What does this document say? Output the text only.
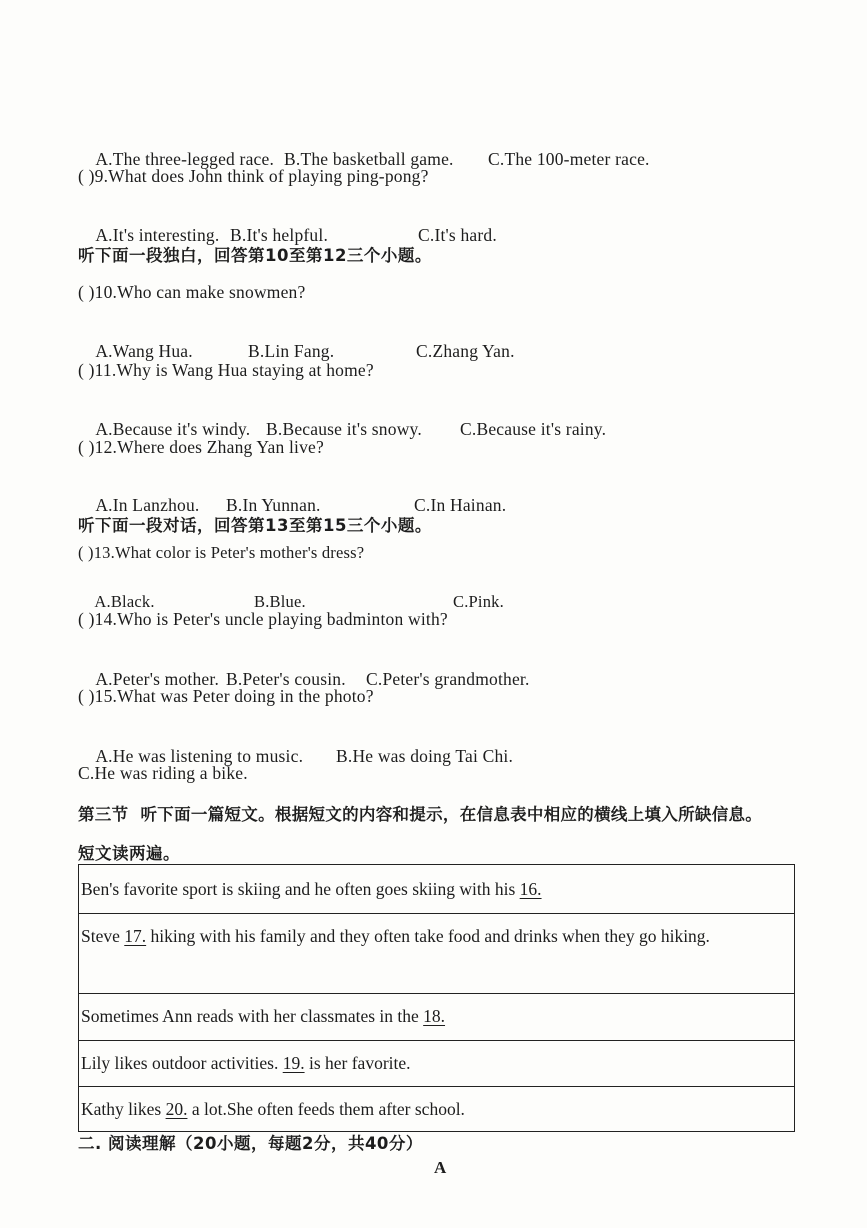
A.The three-legged race. B.The basketball game. C.The 100-meter race.

( )9.What does John think of playing ping-pong?

A.It's interesting. B.It's helpful.	C.It's hard.

听下面一段独白，回答第10至第12三个小题。
( )10.Who can make snowmen?

A.Wang Hua.	B.Lin Fang.	C.Zhang Yan.

( )11.Why is Wang Hua staying at home?

A.Because it's windy. B.Because it's snowy. C.Because it's rainy.

( )12.Where does Zhang Yan live?

A.In Lanzhou. B.In Yunnan.	C.In Hainan.

听下面一段对话，回答第13至第15三个小题。
( )13.What color is Peter's mother's dress?

A.Black.	B.Blue.	C.Pink.

( )14.Who is Peter's uncle playing badminton with?

A.Peter's mother. B.Peter's cousin. C.Peter's grandmother.

( )15.What was Peter doing in the photo?

A.He was listening to music. B.He was doing Tai Chi.

C.He was riding a bike.
第三节  听下面一篇短文。根据短文的内容和提示，在信息表中相应的横线上填入所缺信息。
短文读两遍。
Ben's favorite sport is skiing and he often goes skiing with his 16.
Steve 17. hiking with his family and they often take food and drinks when they go hiking.
Sometimes Ann reads with her classmates in the 18.
Lily likes outdoor activities. 19. is her favorite.
Kathy likes 20. a lot.She often feeds them after school.
二. 阅读理解（20小题，每题2分，共40分）
A
